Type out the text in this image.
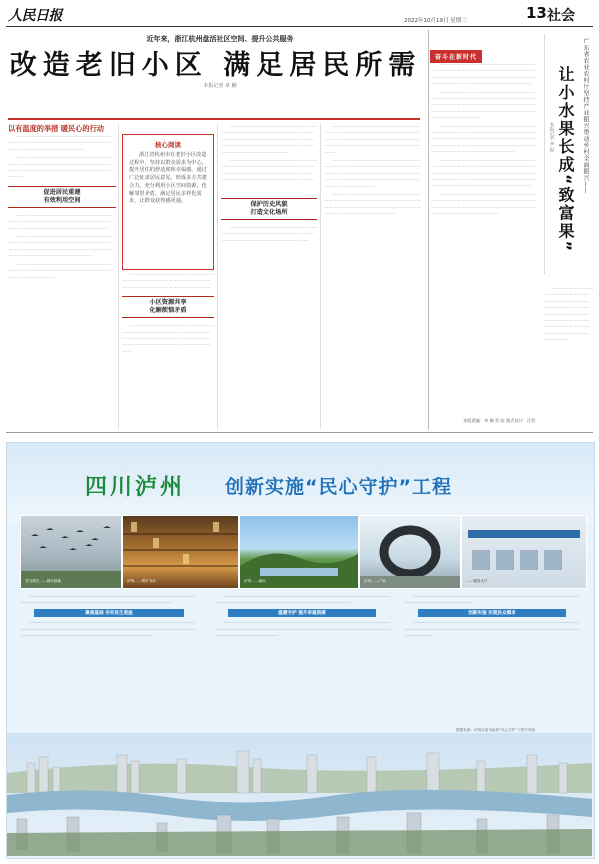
人民日报	2022年10月19日 星期三	13 社会
近年来，浙江杭州盘活社区空间、提升公共服务
改造老旧小区 满足居民所需
本报记者 章 楠
以有温度的举措 暖民心的行动

一一一一一一一一一一一一一一一一一一一一一一一一一一一一一一一一一一一一一一一一一一一一一一一一一一一一一一一一一一一一一一一一一一

一一一一一一一一一一一一一一一一一一一一一一一一一一一一一一一一一一一一一一一一一一一一一一一一一一一一一一一一一一一一一一一一一一一一一一一一一一一一一

促进居民重建
有效利用空间

一一一一一一一一一一一一一一一一一一一一一一一一一一一一一一一一一一一一一一一一一一一一一一一一一一一一一一一一一一一一一一一一一一一一一一一一

一一一一一一一一一一一一一一一一一一一一一一一一一一一一一一一一一一一一一一一一一一一一一一一一一一一一一一一一一一一一一一一一一一一一一一一一一一一一一一一一一一一一一一一一一一一一一

一一一一一一一一一一一一一一一一一一一一一一一一一一一一一一一一一一一一一一一一一一一一一一一一一一一一一一一一一一一

核心阅读
浙江省杭州市在老旧小区改造过程中，坚持以群众需求为中心，提升居住的舒适度和幸福感。通过广泛征求居民意见，形成多方共建合力，充分利用小区空间资源，化解邻里矛盾，满足居民多样化需求，让群众获得感更强。

一一一一一一一一一一一一一一一一一一一一一一一一一一一一一一一一一一一一一一一一一一一一一一一一一一一一一一一一一一一一一一

小区资源共享
化解烦恼矛盾

一一一一一一一一一一一一一一一一一一一一一一一一一一一一一一一一一一一一一一一一一一一一一一一一一一一一一一一一一一一一一一一一一一一一一一一一一一一一一一一一一一一一一

一一一一一一一一一一一一一一一一一一一一一一一一一一一一一一一一一一一一一一一一一一一一一一一一一一一一一一一一一一一一一一一一一一一一一一一一一一一一一一一一一一一一一一一一一一一一一一一一一一一一一一一

一一一一一一一一一一一一一一一一一一一一一一一一一一一一一一一一一一一一一一一一一一一一一一一一一一一一一一一一一一一一一一一一一一一一一一一一一一一一一一一一一一一一一一一一

保护历史风貌
打造文化场所

一一一一一一一一一一一一一一一一一一一一一一一一一一一一一一一一一一一一一一一一一一一一一一一一一一一一一一一一一一一一一一一一

一一一一一一一一一一一一一一一一一一一一一一一一一一一一一一一一一一一一一一一一一一一一一一一一一一一一一一一一一一一一一一一一一一一一一一一一一一一一一一一一一一一一一一一一一一一一一

一一一一一一一一一一一一一一一一一一一一一一一一一一一一一一一一一一一一一一一一一一一一一一一一一一一一一一一一一一一一一一一一一一一一一一一一一一一一一一一一一一一一一一一一一一一一一一一一一一一一一一

一一一一一一一一一一一一一一一一一一一一一一一一一一一一一一一一一一一一一一一一一一一一一一一一一一一一一一一一一一一一一一一一一一一一一一一一一一一一一一一一一一一一

奋斗在新时代

一一一一一一一一一一一一一一一一一一一一一一一一一一一一一一一一一一一一一一一一一一一一一一一一一一一一一一一一一一一一一一一一一一一一一一一一一一一一一一一一一一一一一一一一一一一一一一一一一

一一一一一一一一一一一一一一一一一一一一一一一一一一一一一一一一一一一一一一一一一一一一一一一一一一一一一一一一一一一一一一一一一一一一一一一一一一一一一一一一一一一一一一一一一一一一一一一一一一一一一一一一一一一一一一

一一一一一一一一一一一一一一一一一一一一一一一一一一一一一一一一一一一一一一一一一一一一一一一一一一一一一一一一一一一一一一一一一一一一一一一一一一一一一一一一一一一一一一一一一一一一一一一一一一一一一一一一一一一一一一一一一一一一一一

一一一一一一一一一一一一一一一一一一一一一一一一一一一一一一一一一一一一一一一一一一一一一一一一一一一一一一一一一一一一一一一一一一一一一一一一一一一一一一一一一一一一一一一一一一一一一一一一一一一一一一一一一一一一一一一一一一一一一一一一一一

一一一一一一一一一一一一一一一一一一一一一一一一一一一一一一一一一一一一一一一一一一一一一一一一一一一一一一一一一一一一一一一一一一一一一一一一一一一一一一一一一一一一一一一一一

一一一一一一一一一一一一一一一一一一一一一一一一一一一一一一一一一一一一一一一一一一一一一一一一一一一一一一一一一一一一一一一一一一一一一一一一一一一一一一一一一一一一一一一一一一一一一

广东省农业农村厅坚持产业振兴带动乡村全面振兴——
让小水果长成“致富果”
本报记者 李 纵
本版责编：李 楠 蔡 晗 版式设计：汪哲
四川泸州 创新实施“民心守护”工程
龙马潭区……城市绿地	泸州……城市书房	泸州……地标	泸州……广场	……服务大厅

一一一一一一一一一一一一一一一一一一一一一一一一一一一一一一一一一一一一一一一一一一一一一一一一一一一一一一一一一一一一一一一一一一一一一一一一一一一一一一一一

聚焦基础 夯实民生底座

一一一一一一一一一一一一一一一一一一一一一一一一一一一一一一一一一一一一一一一一一一一一一一一一一一一一一一一一一一一一一一一一一一一一一一一一一一一一一一一一一一一一一一一一一一一一一一一一一一一一一一一一一一一一一一一一一一一一一一一

一一一一一一一一一一一一一一一一一一一一一一一一一一一一一一一一一一一一一一一一一一一一一一一一一一一一一一一一一一一一一一一一一一一一一一一一一一一一

温暖守护 提升幸福质感

一一一一一一一一一一一一一一一一一一一一一一一一一一一一一一一一一一一一一一一一一一一一一一一一一一一一一一一一一一一一一一一一一一一一一一一一一一一一一一一一一一一一一一一一一一一一一一一一一一一一一一

一一一一一一一一一一一一一一一一一一一一一一一一一一一一一一一一一一一一一一一一一一一一一一一一一一一一一一一一一一一

创新实施 实现民众需求

一一一一一一一一一一一一一一一一一一一一一一一一一一一一一一一一一一一一一一一一一一一一一一一一一一一一一一一一一一一一一一一一一一一一一一一一一一一一一一一一一一一一一一一一一一一一一

数据来源：泸州市委市政府“民心守护”工程专项组
